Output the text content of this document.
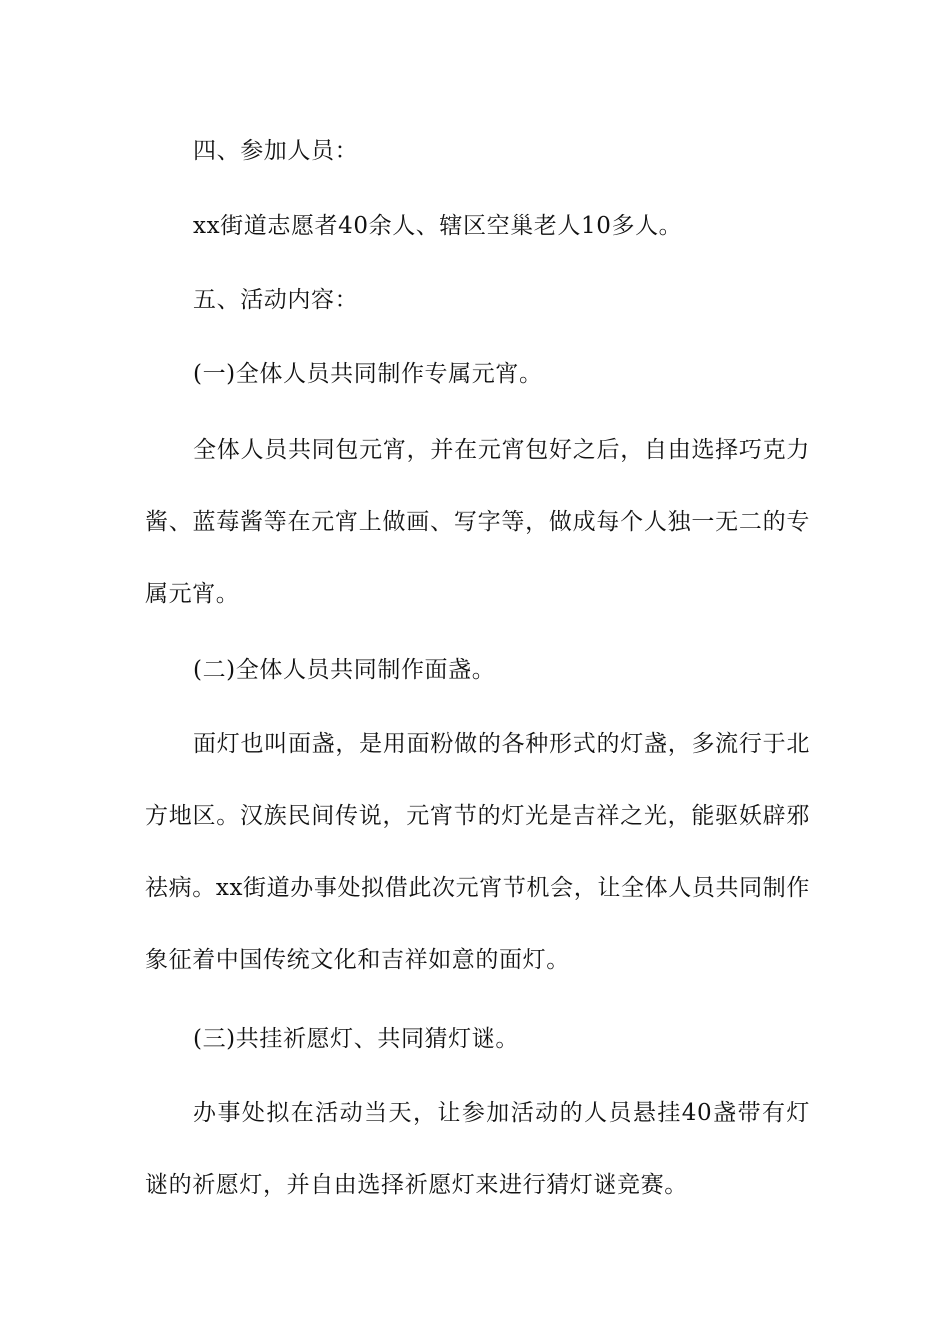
四、参加人员：

xx街道志愿者40余人、辖区空巢老人10多人。

五、活动内容：

(一)全体人员共同制作专属元宵。

全体人员共同包元宵，并在元宵包好之后，自由选择巧克力酱、蓝莓酱等在元宵上做画、写字等，做成每个人独一无二的专属元宵。

(二)全体人员共同制作面盏。

面灯也叫面盏，是用面粉做的各种形式的灯盏，多流行于北方地区。汉族民间传说，元宵节的灯光是吉祥之光，能驱妖辟邪祛病。xx街道办事处拟借此次元宵节机会，让全体人员共同制作象征着中国传统文化和吉祥如意的面灯。

(三)共挂祈愿灯、共同猜灯谜。

办事处拟在活动当天，让参加活动的人员悬挂40盏带有灯谜的祈愿灯，并自由选择祈愿灯来进行猜灯谜竞赛。
